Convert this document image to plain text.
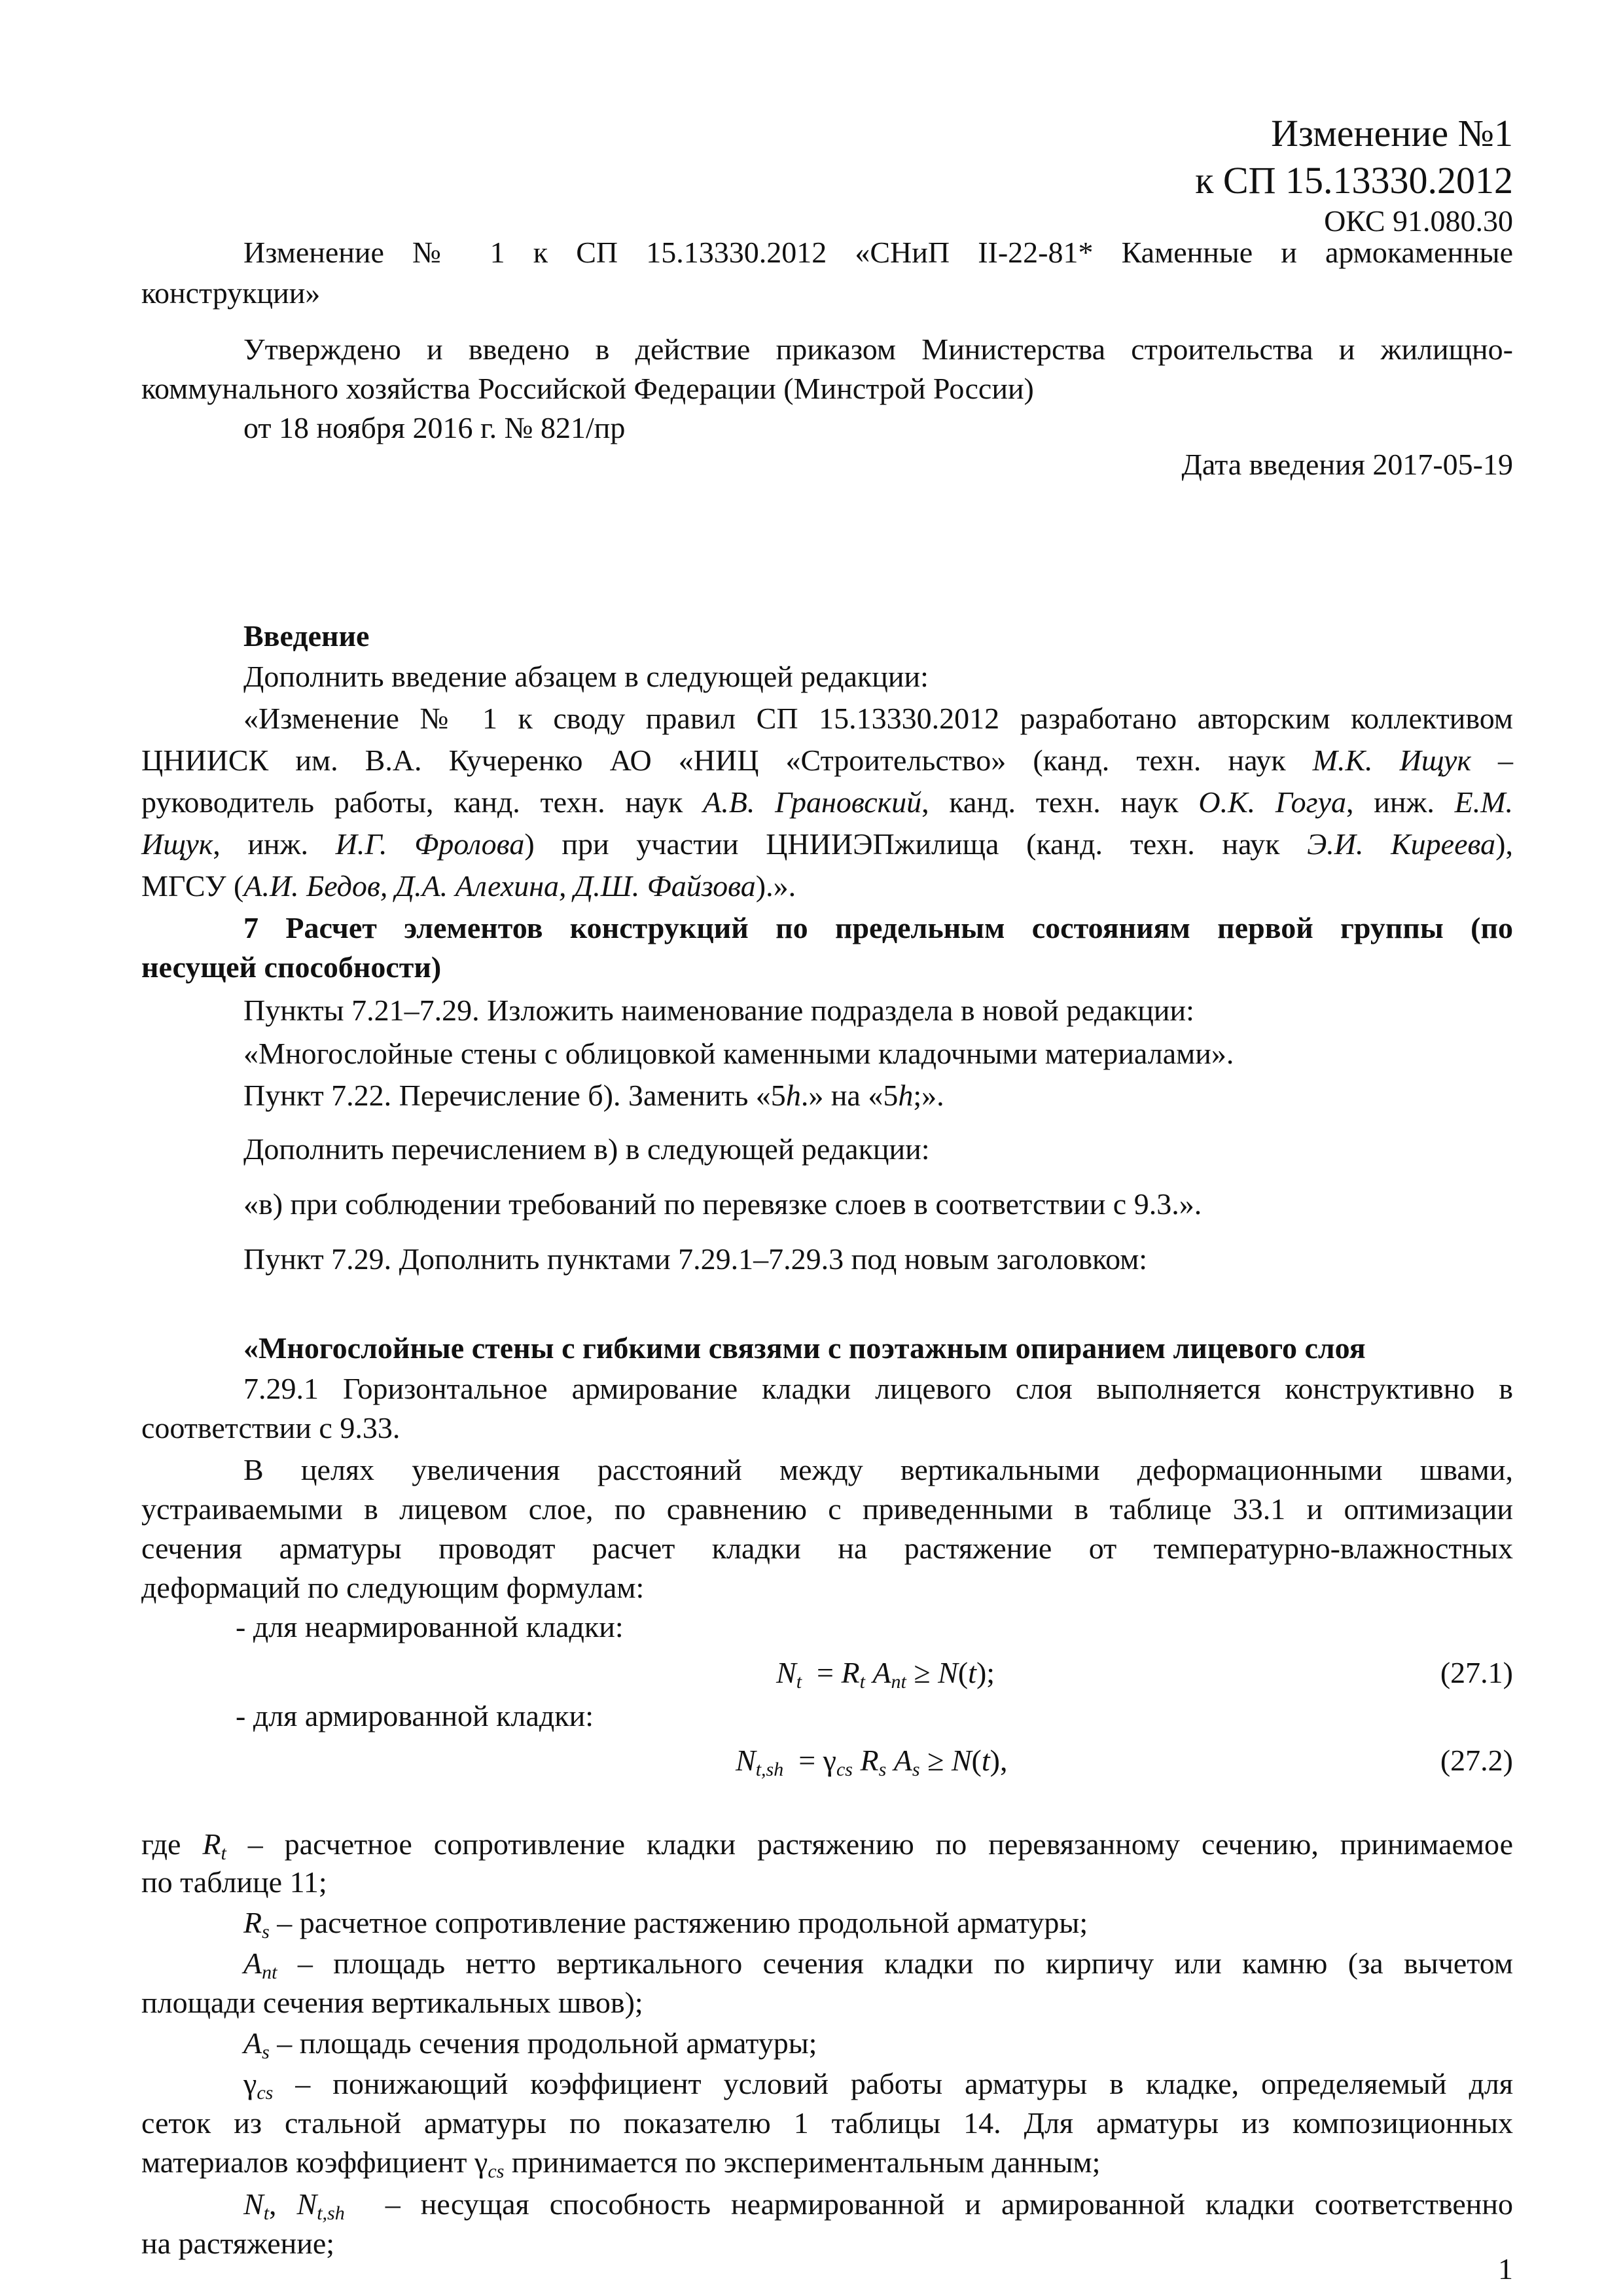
Изменение №1
к СП 15.13330.2012
ОКС 91.080.30
Изменение № 1 к СП 15.13330.2012 «СНиП II-22-81* Каменные и армокаменные
конструкции»
Утверждено и введено в действие приказом Министерства строительства и жилищно-
коммунального хозяйства Российской Федерации (Минстрой России)
от 18 ноября 2016 г. № 821/пр
Дата введения 2017-05-19
Введение
Дополнить введение абзацем в следующей редакции:
«Изменение № 1 к своду правил СП 15.13330.2012 разработано авторским коллективом
ЦНИИСК им. В.А. Кучеренко АО «НИЦ «Строительство» (канд. техн. наук М.К. Ищук –
руководитель работы, канд. техн. наук А.В. Грановский, канд. техн. наук О.К. Гогуа, инж. Е.М.
Ищук, инж. И.Г. Фролова) при участии ЦНИИЭПжилища (канд. техн. наук Э.И. Киреева),
МГСУ (А.И. Бедов, Д.А. Алехина, Д.Ш. Файзова).».
7 Расчет элементов конструкций по предельным состояниям первой группы (по
несущей способности)
Пункты 7.21–7.29. Изложить наименование подраздела в новой редакции:
«Многослойные стены с облицовкой каменными кладочными материалами».
Пункт 7.22. Перечисление б). Заменить «5h.» на «5h;».
Дополнить перечислением в) в следующей редакции:
«в) при соблюдении требований по перевязке слоев в соответствии с 9.3.».
Пункт 7.29. Дополнить пунктами 7.29.1–7.29.3 под новым заголовком:
«Многослойные стены с гибкими связями с поэтажным опиранием лицевого слоя
7.29.1 Горизонтальное армирование кладки лицевого слоя выполняется конструктивно в
соответствии с 9.33.
В целях увеличения расстояний между вертикальными деформационными швами,
устраиваемыми в лицевом слое, по сравнению с приведенными в таблице 33.1 и оптимизации
сечения арматуры проводят расчет кладки на растяжение от температурно-влажностных
деформаций по следующим формулам:
- для неармированной кладки:
$N_t = R_t$ $A_{nt} \ge N(t)$;	(27.1)
- для армированной кладки:
$N_{t,sh} = \gamma_{cs}$ $R_s$ $A_s \ge N(t)$,	(27.2)
где $R_t$ – расчетное сопротивление кладки растяжению по перевязанному сечению, принимаемое
по таблице 11;
$R_s$ – расчетное сопротивление растяжению продольной арматуры;
$A_{nt}$ – площадь нетто вертикального сечения кладки по кирпичу или камню (за вычетом
площади сечения вертикальных швов);
$A_s$ – площадь сечения продольной арматуры;
$\gamma_{cs}$ – понижающий коэффициент условий работы арматуры в кладке, определяемый для
сеток из стальной арматуры по показателю 1 таблицы 14. Для арматуры из композиционных
материалов коэффициент $\gamma_{cs}$ принимается по экспериментальным данным;
$N_t$, $N_{t,sh}$  – несущая способность неармированной и армированной кладки соответственно
на растяжение;
1
